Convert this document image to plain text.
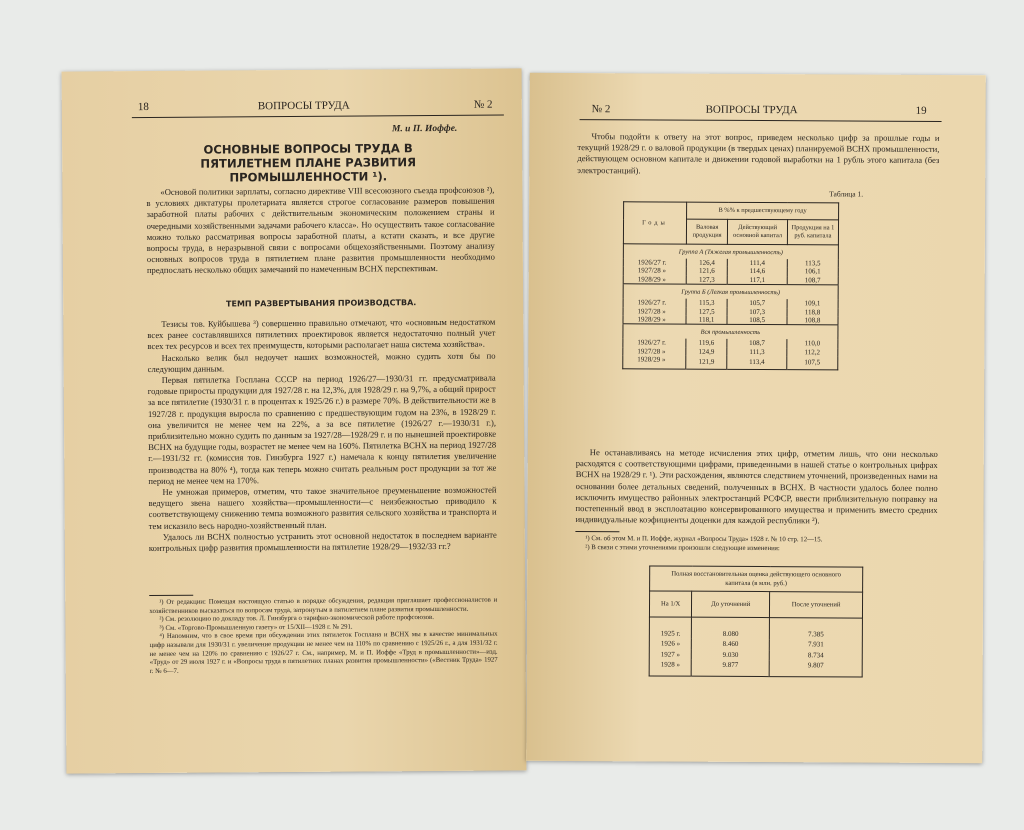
18	ВОПРОСЫ ТРУДА	№ 2
М. и П. Иоффе.
ОСНОВНЫЕ ВОПРОСЫ ТРУДА В ПЯТИЛЕТНЕМ ПЛАНЕ РАЗВИТИЯ ПРОМЫШЛЕННОСТИ ¹).

«Основой политики зарплаты, согласно директиве VIII всесоюзного съезда профсоюзов ²), в условиях диктатуры пролетариата является строгое согласование размеров повышения заработной платы рабочих с действительным экономическим положением страны и очередными хозяйственными задачами рабочего класса». Но осуществить такое согласование можно только рассматривая вопросы заработной платы, а кстати сказать, и все другие вопросы труда, в неразрывной связи с вопросами общехозяйственными. Поэтому анализу основных вопросов труда в пятилетнем плане развития промышленности необходимо предпослать несколько общих замечаний по намеченным ВСНХ перспективам.

ТЕМП РАЗВЕРТЫВАНИЯ ПРОИЗВОДСТВА.

Тезисы тов. Куйбышева ³) совершенно правильно отмечают, что «основным недостатком всех ранее составлявшихся пятилетних проектировок является недостаточно полный учет всех тех ресурсов и всех тех преимуществ, которыми располагает наша система хозяйства».

Насколько велик был недоучет наших возможностей, можно судить хотя бы по следующим данным.

Первая пятилетка Госплана СССР на период 1926/27—1930/31 гг. предусматривала годовые приросты продукции для 1927/28 г. на 12,3%, для 1928/29 г. на 9,7%, а общий прирост за все пятилетие (1930/31 г. в процентах к 1925/26 г.) в размере 70%. В действительности же в 1927/28 г. продукция выросла по сравнению с предшествующим годом на 23%, в 1928/29 г. она увеличится не менее чем на 22%, а за все пятилетие (1926/27 г.—1930/31 г.), приблизительно можно судить по данным за 1927/28—1928/29 г. и по нынешней проектировке ВСНХ на будущие годы, возрастет не менее чем на 160%. Пятилетка ВСНХ на период 1927/28 г.—1931/32 гг. (комиссия тов. Гинзбурга 1927 г.) намечала к концу пятилетия увеличение производства на 80% ⁴), тогда как теперь можно считать реальным рост продукции за тот же период не менее чем на 170%.

Не умножая примеров, отметим, что такое значительное преуменьшение возможностей ведущего звена нашего хозяйства—промышленности—с неизбежностью приводило к соответствующему снижению темпа возможного развития сельского хозяйства и транспорта и тем исказило весь народно-хозяйственный план.

Удалось ли ВСНХ полностью устранить этот основной недостаток в последнем варианте контрольных цифр развития промышленности на пятилетие 1928/29—1932/33 гг.?

¹) От редакции: Помещая настоящую статью в порядке обсуждения, редакция приглашает профессионалистов и хозяйственников высказаться по вопросам труда, затронутым в пятилетнем плане развития промышленности.

²) См. резолюцию по докладу тов. Л. Гинзбурга о тарифно-экономической работе профсоюзов.

³) См. «Торгово-Промышленную газету» от 15/XII—1928 г. № 291.

⁴) Напомним, что в свое время при обсуждении этих пятилеток Госплана и ВСНХ мы в качестве минимальных цифр называли для 1930/31 г. увеличение продукции не менее чем на 110% по сравнению с 1925/26 г., а для 1931/32 г. не менее чем на 120% по сравнению с 1926/27 г. См., например, М. и П. Иоффе «Труд в промышленности»—изд. «Труд» от 29 июля 1927 г. и «Вопросы труда в пятилетних планах развития промышленности» («Вестник Труда» 1927 г. № 6—7.

№ 2	ВОПРОСЫ ТРУДА	19

Чтобы подойти к ответу на этот вопрос, приведем несколько цифр за прошлые годы и текущий 1928/29 г. о валовой продукции (в твердых ценах) планируемой ВСНХ промышленности, действующем основном капитале и движении годовой выработки на 1 рубль этого капитала (без электростанций).

Таблица 1.
Годы	В %% к предшествующему году		
	Валовая продукция	Действующий основной капитал	Продукция на 1 руб. капитала
Группа А (Тяжелая промышленность)			
1926/27 г.	126,4	111,4	113,5
1927/28 »	121,6	114,6	106,1
1928/29 »	127,3	117,1	108,7
Группа Б (Легкая промышленность)			
1926/27 г.	115,3	105,7	109,1
1927/28 »	127,5	107,3	118,8
1928/29 »	118,1	108,5	108,8
Вся промышленность			
1926/27 г.	119,6	108,7	110,0
1927/28 »	124,9	111,3	112,2
1928/29 »	121,9	113,4	107,5

Не останавливаясь на методе исчисления этих цифр, отметим лишь, что они несколько расходятся с соответствующими цифрами, приведенными в нашей статье о контрольных цифрах ВСНХ на 1928/29 г. ¹). Эти расхождения, являются следствием уточнений, произведенных нами на основании более детальных сведений, полученных в ВСНХ. В частности удалось более полно исключить имущество районных электростанций РСФСР, ввести приблизительную поправку на постепенный ввод в эксплоатацию консервированного имущества и применить вместо средних индивидуальные коэфициенты доценки для каждой республики ²).

¹) См. об этом М. и П. Иоффе, журнал «Вопросы Труда» 1928 г. № 10 стр. 12—15.

²) В связи с этими уточнениями произошли следующие изменения:

Полная восстановительная оценка действующего основного капитала (в млн. руб.)		
На 1/X	До уточнений	После уточнений
1925 г.	8.080	7.385
1926 »	8.460	7.931
1927 »	9.030	8.734
1928 »	9.877	9.807
